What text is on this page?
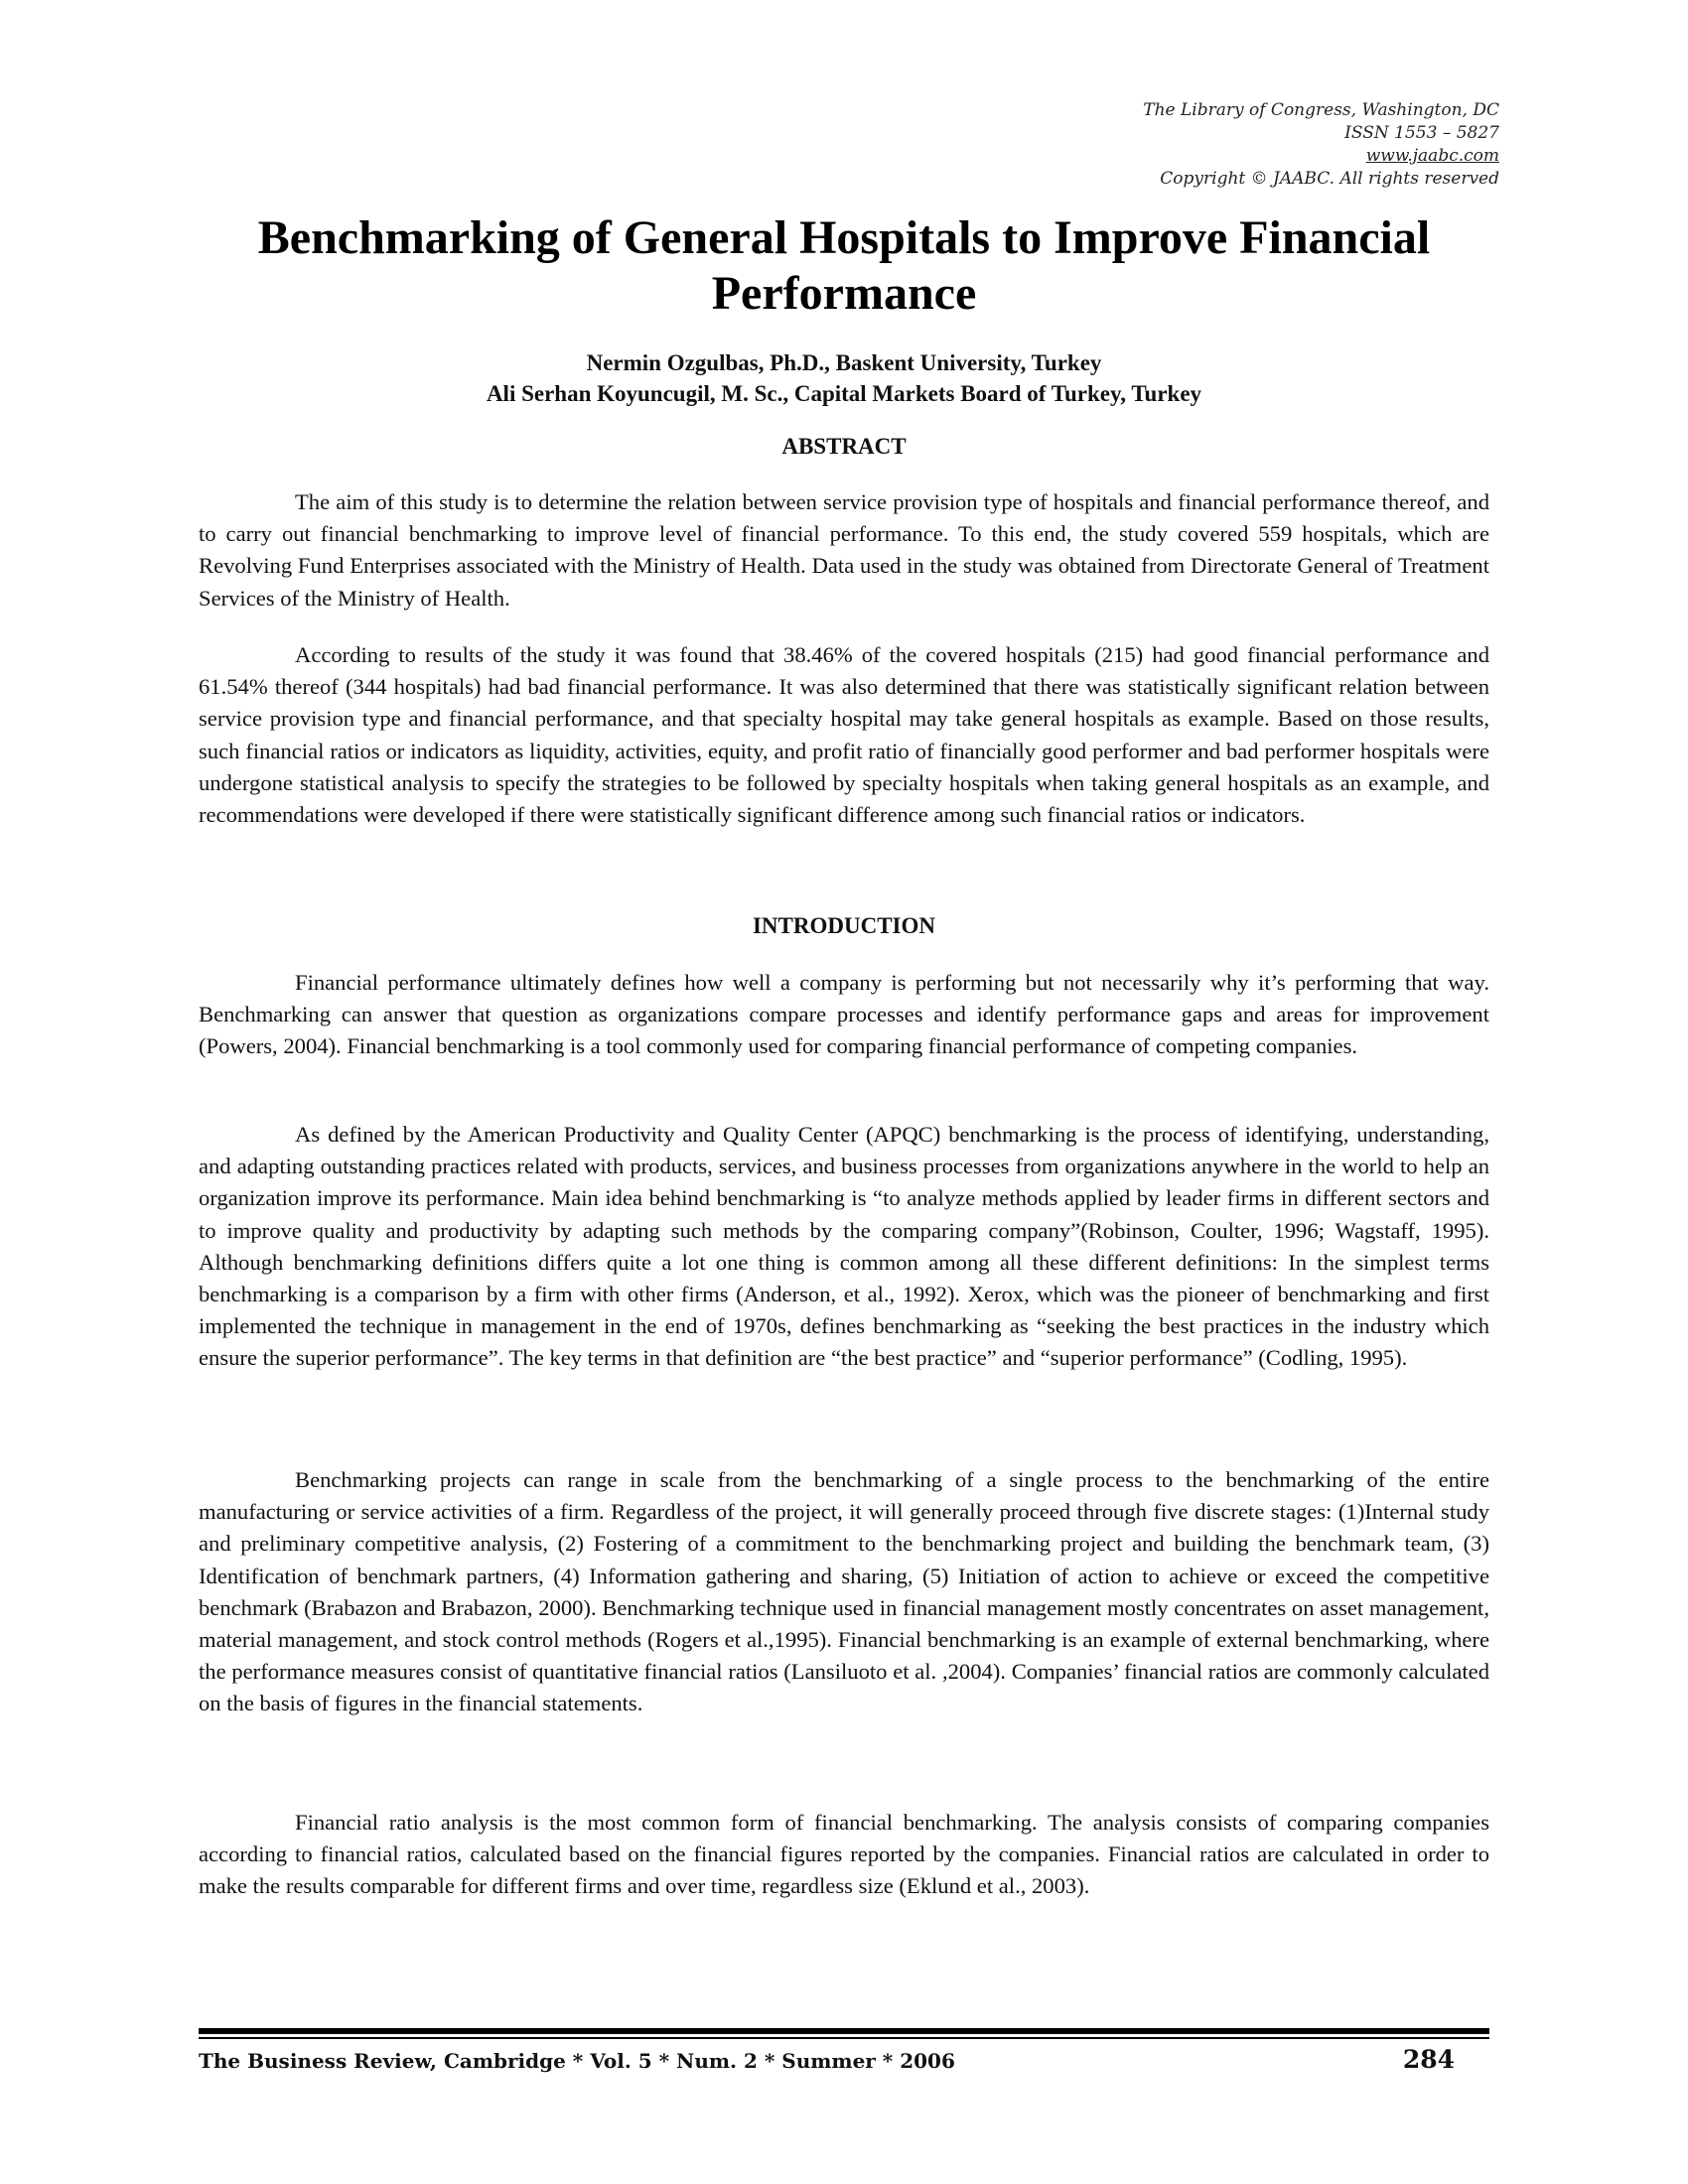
The Library of Congress, Washington, DC
ISSN 1553 – 5827
www.jaabc.com
Copyright © JAABC. All rights reserved
Benchmarking of General Hospitals to Improve Financial Performance
Nermin Ozgulbas, Ph.D., Baskent University, Turkey
Ali Serhan Koyuncugil, M. Sc., Capital Markets Board of Turkey, Turkey
ABSTRACT

The aim of this study is to determine the relation between service provision type of hospitals and financial performance thereof, and to carry out financial benchmarking to improve level of financial performance. To this end, the study covered 559 hospitals, which are Revolving Fund Enterprises associated with the Ministry of Health. Data used in the study was obtained from Directorate General of Treatment Services of the Ministry of Health.

According to results of the study it was found that 38.46% of the covered hospitals (215) had good financial performance and 61.54% thereof (344 hospitals) had bad financial performance. It was also determined that there was statistically significant relation between service provision type and financial performance, and that specialty hospital may take general hospitals as example. Based on those results, such financial ratios or indicators as liquidity, activities, equity, and profit ratio of financially good performer and bad performer hospitals were undergone statistical analysis to specify the strategies to be followed by specialty hospitals when taking general hospitals as an example, and recommendations were developed if there were statistically significant difference among such financial ratios or indicators.

INTRODUCTION

Financial performance ultimately defines how well a company is performing but not necessarily why it’s performing that way. Benchmarking can answer that question as organizations compare processes and identify performance gaps and areas for improvement (Powers, 2004). Financial benchmarking is a tool commonly used for comparing financial performance of competing companies.

As defined by the American Productivity and Quality Center (APQC) benchmarking is the process of identifying, understanding, and adapting outstanding practices related with products, services, and business processes from organizations anywhere in the world to help an organization improve its performance. Main idea behind benchmarking is “to analyze methods applied by leader firms in different sectors and to improve quality and productivity by adapting such methods by the comparing company”(Robinson, Coulter, 1996; Wagstaff, 1995). Although benchmarking definitions differs quite a lot one thing is common among all these different definitions: In the simplest terms benchmarking is a comparison by a firm with other firms (Anderson, et al., 1992). Xerox, which was the pioneer of benchmarking and first implemented the technique in management in the end of 1970s, defines benchmarking as “seeking the best practices in the industry which ensure the superior performance”. The key terms in that definition are “the best practice” and “superior performance” (Codling, 1995).

Benchmarking projects can range in scale from the benchmarking of a single process to the benchmarking of the entire manufacturing or service activities of a firm. Regardless of the project, it will generally proceed through five discrete stages: (1)Internal study and preliminary competitive analysis, (2) Fostering of a commitment to the benchmarking project and building the benchmark team, (3) Identification of benchmark partners, (4) Information gathering and sharing, (5) Initiation of action to achieve or exceed the competitive benchmark (Brabazon and Brabazon, 2000). Benchmarking technique used in financial management mostly concentrates on asset management, material management, and stock control methods (Rogers et al.,1995). Financial benchmarking is an example of external benchmarking, where the performance measures consist of quantitative financial ratios (Lansiluoto et al. ,2004). Companies’ financial ratios are commonly calculated on the basis of figures in the financial statements.

Financial ratio analysis is the most common form of financial benchmarking. The analysis consists of comparing companies according to financial ratios, calculated based on the financial figures reported by the companies. Financial ratios are calculated in order to make the results comparable for different firms and over time, regardless size (Eklund et al., 2003).

The Business Review, Cambridge * Vol. 5 * Num. 2 * Summer * 2006	284
